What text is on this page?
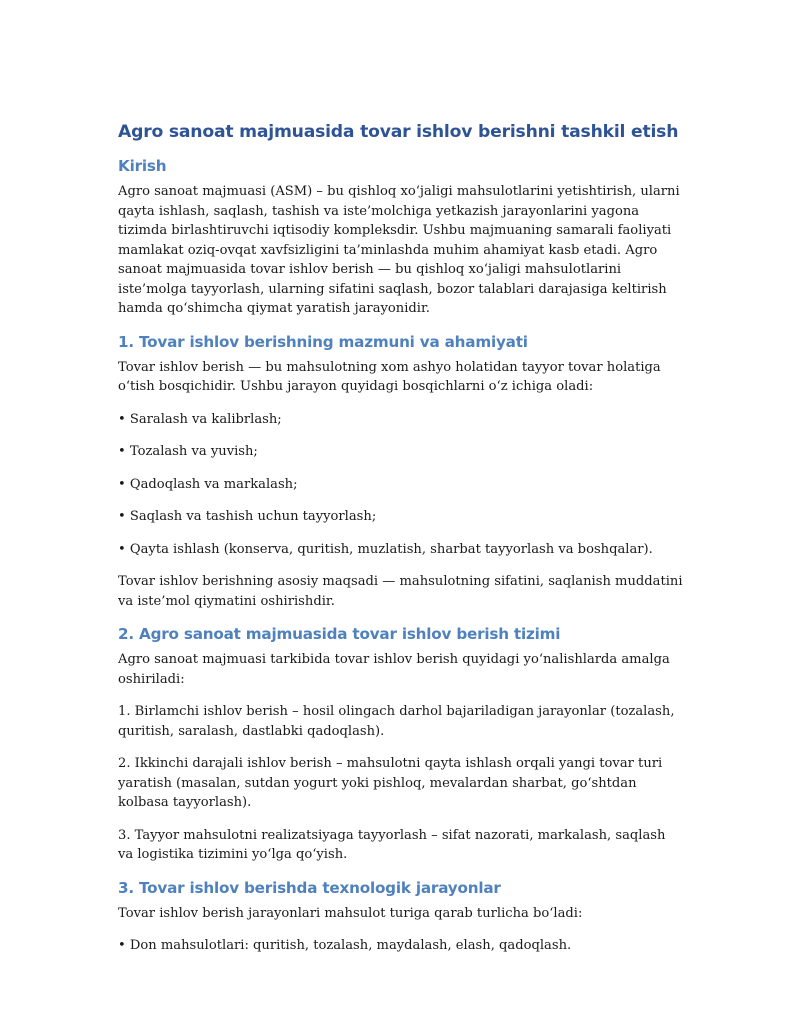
Agro sanoat majmuasida tovar ishlov berishni tashkil etish
Kirish

Agro sanoat majmuasi (ASM) – bu qishloq xo‘jaligi mahsulotlarini yetishtirish, ularni qayta ishlash, saqlash, tashish va iste’molchiga yetkazish jarayonlarini yagona tizimda birlashtiruvchi iqtisodiy kompleksdir. Ushbu majmuaning samarali faoliyati mamlakat oziq-ovqat xavfsizligini ta’minlashda muhim ahamiyat kasb etadi. Agro sanoat majmuasida tovar ishlov berish — bu qishloq xo‘jaligi mahsulotlarini iste’molga tayyorlash, ularning sifatini saqlash, bozor talablari darajasiga keltirish hamda qo‘shimcha qiymat yaratish jarayonidir.

1. Tovar ishlov berishning mazmuni va ahamiyati

Tovar ishlov berish — bu mahsulotning xom ashyo holatidan tayyor tovar holatiga o‘tish bosqichidir. Ushbu jarayon quyidagi bosqichlarni o‘z ichiga oladi:

• Saralash va kalibrlash;

• Tozalash va yuvish;

• Qadoqlash va markalash;

• Saqlash va tashish uchun tayyorlash;

• Qayta ishlash (konserva, quritish, muzlatish, sharbat tayyorlash va boshqalar).

Tovar ishlov berishning asosiy maqsadi — mahsulotning sifatini, saqlanish muddatini va iste’mol qiymatini oshirishdir.

2. Agro sanoat majmuasida tovar ishlov berish tizimi

Agro sanoat majmuasi tarkibida tovar ishlov berish quyidagi yo‘nalishlarda amalga oshiriladi:

1. Birlamchi ishlov berish – hosil olingach darhol bajariladigan jarayonlar (tozalash, quritish, saralash, dastlabki qadoqlash).

2. Ikkinchi darajali ishlov berish – mahsulotni qayta ishlash orqali yangi tovar turi yaratish (masalan, sutdan yogurt yoki pishloq, mevalardan sharbat, go‘shtdan kolbasa tayyorlash).

3. Tayyor mahsulotni realizatsiyaga tayyorlash – sifat nazorati, markalash, saqlash va logistika tizimini yo‘lga qo‘yish.

3. Tovar ishlov berishda texnologik jarayonlar

Tovar ishlov berish jarayonlari mahsulot turiga qarab turlicha bo‘ladi:

• Don mahsulotlari: quritish, tozalash, maydalash, elash, qadoqlash.
